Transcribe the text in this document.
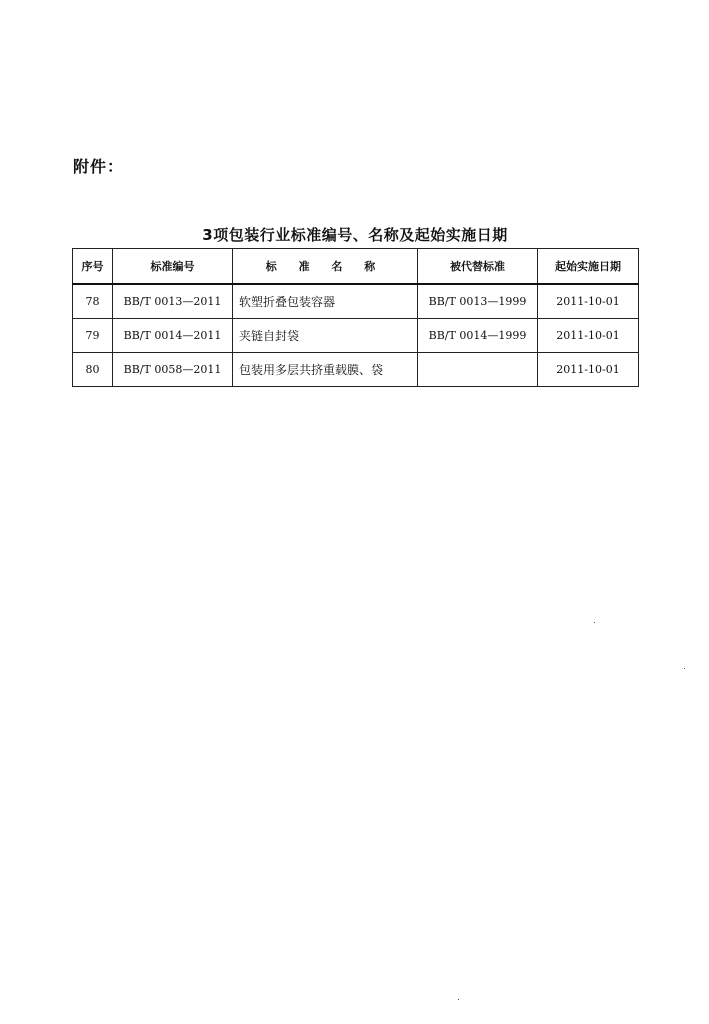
附件：
3项包装行业标准编号、名称及起始实施日期
序号	标准编号	标 准 名 称	被代替标准	起始实施日期
78	BB/T 0013—2011	软塑折叠包装容器	BB/T 0013—1999	2011-10-01
79	BB/T 0014—2011	夹链自封袋	BB/T 0014—1999	2011-10-01
80	BB/T 0058—2011	包装用多层共挤重载膜、袋		2011-10-01
